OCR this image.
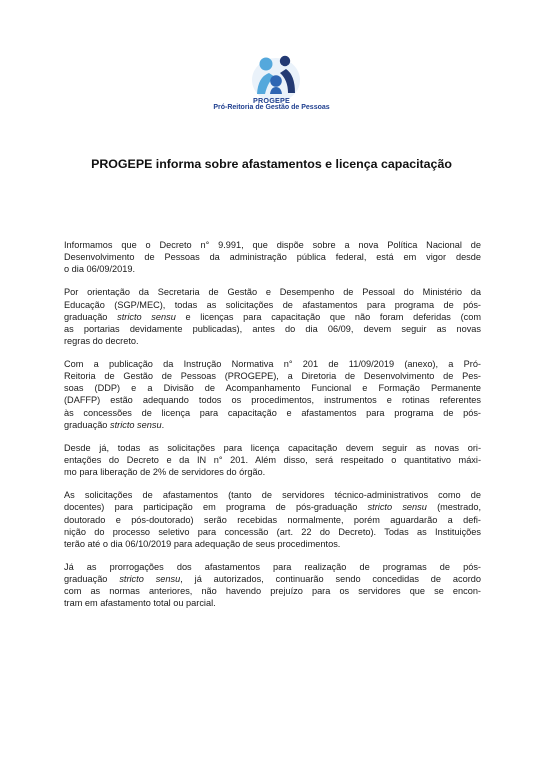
PROGEPE
Pró-Reitoria de Gestão de Pessoas
PROGEPE informa sobre afastamentos e licença capacitação

Informamos que o Decreto n° 9.991, que dispõe sobre a nova Política Nacional de
Desenvolvimento de Pessoas da administração pública federal, está em vigor desde
o dia 06/09/2019.

Por orientação da Secretaria de Gestão e Desempenho de Pessoal do Ministério da
Educação (SGP/MEC), todas as solicitações de afastamentos para programa de pós-
graduação stricto sensu e licenças para capacitação que não foram deferidas (com
as portarias devidamente publicadas), antes do dia 06/09, devem seguir as novas
regras do decreto.

Com a publicação da Instrução Normativa n° 201 de 11/09/2019 (anexo), a Pró-
Reitoria de Gestão de Pessoas (PROGEPE), a Diretoria de Desenvolvimento de Pes-
soas (DDP) e a Divisão de Acompanhamento Funcional e Formação Permanente
(DAFFP) estão adequando todos os procedimentos, instrumentos e rotinas referentes
às concessões de licença para capacitação e afastamentos para programa de pós-
graduação stricto sensu.

Desde já, todas as solicitações para licença capacitação devem seguir as novas ori-
entações do Decreto e da IN n° 201. Além disso, será respeitado o quantitativo máxi-
mo para liberação de 2% de servidores do órgão.

As solicitações de afastamentos (tanto de servidores técnico-administrativos como de
docentes) para participação em programa de pós-graduação stricto sensu (mestrado,
doutorado e pós-doutorado) serão recebidas normalmente, porém aguardarão a defi-
nição do processo seletivo para concessão (art. 22 do Decreto). Todas as Instituições
terão até o dia 06/10/2019 para adequação de seus procedimentos.

Já as prorrogações dos afastamentos para realização de programas de pós-
graduação stricto sensu, já autorizados, continuarão sendo concedidas de acordo
com as normas anteriores, não havendo prejuízo para os servidores que se encon-
tram em afastamento total ou parcial.
